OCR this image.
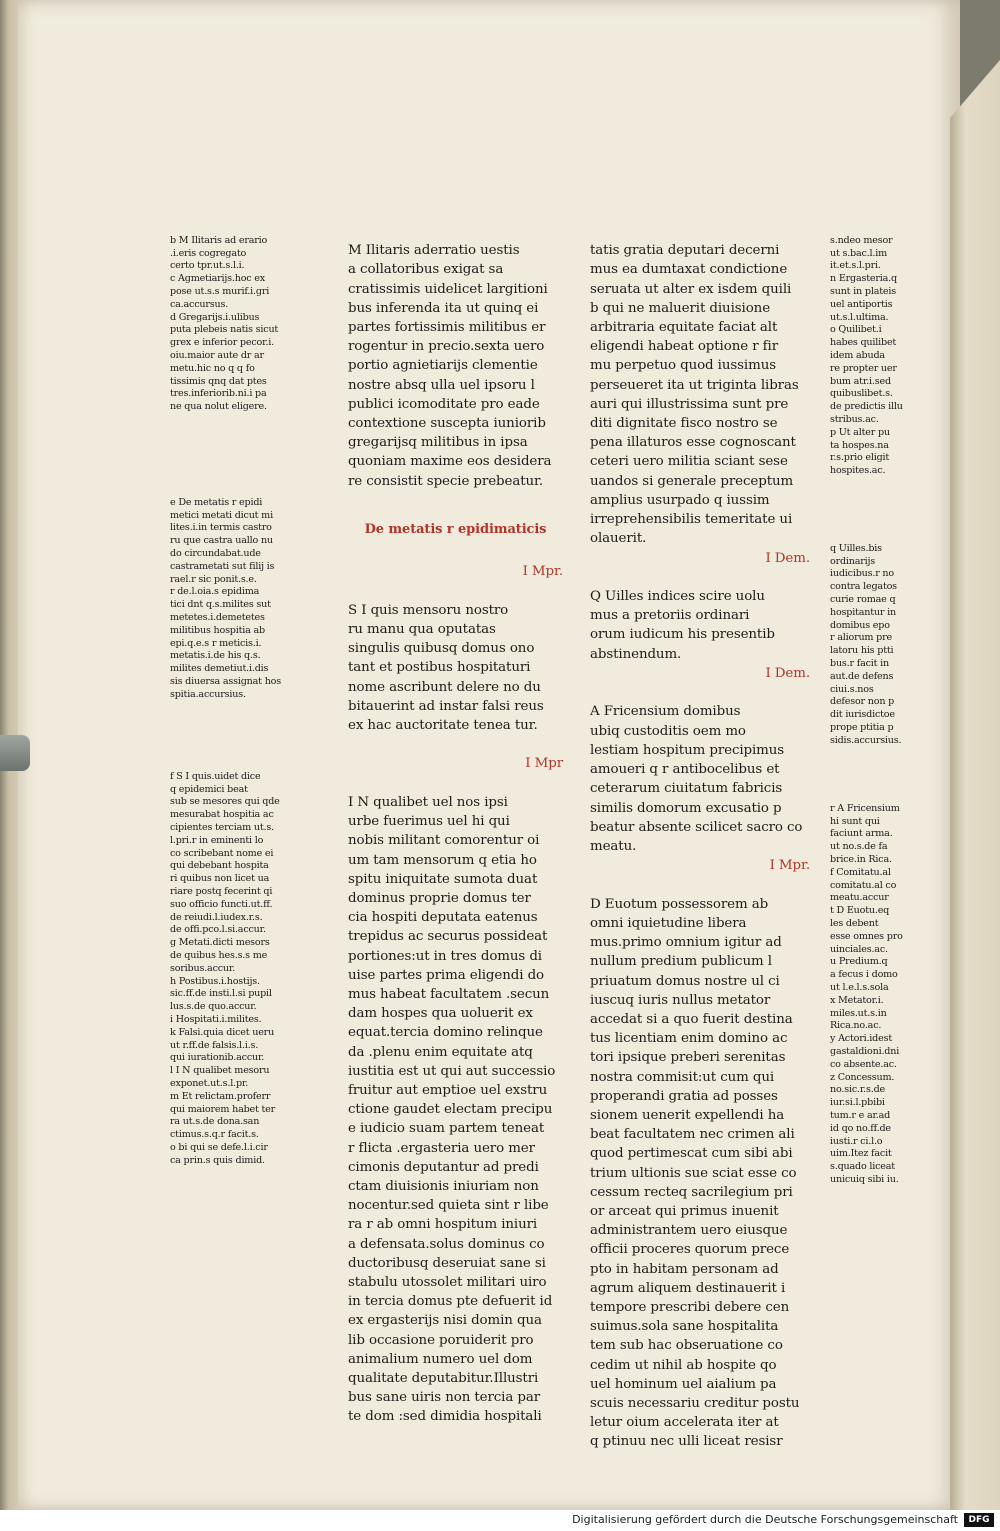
b M Ilitaris ad erario
.i.eris cogregato
certo tpr.ut.s.l.i.
c Agmetiarijs.hoc ex
pose ut.s.s murif.i.gri
ca.accursus.
d Gregarijs.i.ulibus
puta plebeis natis sicut
grex e inferior pecor.i.
oiu.maior aute dr ar
metu.hic no q q fo
tissimis qnq dat ptes
tres.inferiorib.ni.i pa
ne qua nolut eligere.

e De metatis r epidi
metici metati dicut mi
lites.i.in termis castro
ru que castra uallo nu
do circundabat.ude
castrametati sut filij is
rael.r sic ponit.s.e.
r de.l.oia.s epidima
tici dnt q.s.milites sut
metetes.i.demetetes
militibus hospitia ab
epi.q.e.s r meticis.i.
metatis.i.de his q.s.
milites demetiut.i.dis
sis diuersa assignat hos
spitia.accursius.

f S I quis.uidet dice
q epidemici beat
sub se mesores qui qde
mesurabat hospitia ac
cipientes terciam ut.s.
l.pri.r in eminenti lo
co scribebant nome ei
qui debebant hospita
ri quibus non licet ua
riare postq fecerint qi
suo officio functi.ut.ff.
de reiudi.l.iudex.r.s.
de offi.pco.l.si.accur.
g Metati.dicti mesors
de quibus hes.s.s me
soribus.accur.
h Postibus.i.hostijs.
sic.ff.de insti.l.si pupil
lus.s.de quo.accur.
i Hospitati.i.milites.
k Falsi.quia dicet ueru
ut r.ff.de falsis.l.i.s.
qui iurationib.accur.
l I N qualibet mesoru
exponet.ut.s.l.pr.
m Et relictam.proferr
qui maiorem habet ter
ra ut.s.de dona.san
ctimus.s.q.r facit.s.
o bi qui se defe.l.i.cir
ca prin.s quis dimid.

M Ilitaris aderratio uestis
a collatoribus exigat sa
cratissimis uidelicet largitioni
bus inferenda ita ut quinq ei
partes fortissimis militibus er
rogentur in precio.sexta uero
portio agnietiarijs clementie
nostre absq ulla uel ipsoru l
publici icomoditate pro eade
contextione suscepta iuniorib
gregarijsq militibus in ipsa
quoniam maxime eos desidera
re consistit specie prebeatur.

De metatis r epidimaticis

I Mpr.

S I quis mensoru nostro
ru manu qua oputatas
singulis quibusq domus ono
tant et postibus hospitaturi
nome ascribunt delere no du
bitauerint ad instar falsi reus
ex hac auctoritate tenea tur.

I Mpr

I N qualibet uel nos ipsi
urbe fuerimus uel hi qui
nobis militant comorentur oi
um tam mensorum q etia ho
spitu iniquitate sumota duat
dominus proprie domus ter
cia hospiti deputata eatenus
trepidus ac securus possideat
portiones:ut in tres domus di
uise partes prima eligendi do
mus habeat facultatem .secun
dam hospes qua uoluerit ex
equat.tercia domino relinque
da .plenu enim equitate atq
iustitia est ut qui aut successio
fruitur aut emptioe uel exstru
ctione gaudet electam precipu
e iudicio suam partem teneat
r flicta .ergasteria uero mer
cimonis deputantur ad predi
ctam diuisionis iniuriam non
nocentur.sed quieta sint r libe
ra r ab omni hospitum iniuri
a defensata.solus dominus co
ductoribusq deseruiat sane si
stabulu utossolet militari uiro
in tercia domus pte defuerit id
ex ergasterijs nisi domin qua
lib occasione poruiderit pro
animalium numero uel dom
qualitate deputabitur.Illustri
bus sane uiris non tercia par
te dom :sed dimidia hospitali

tatis gratia deputari decerni
mus ea dumtaxat condictione
seruata ut alter ex isdem quili
b qui ne maluerit diuisione
arbitraria equitate faciat alt
eligendi habeat optione r fir
mu perpetuo quod iussimus
perseueret ita ut triginta libras
auri qui illustrissima sunt pre
diti dignitate fisco nostro se
pena illaturos esse cognoscant
ceteri uero militia sciant sese
uandos si generale preceptum
amplius usurpado q iussim
irreprehensibilis temeritate ui
olauerit.

I Dem.

Q Uilles indices scire uolu
mus a pretoriis ordinari
orum iudicum his presentib
abstinendum.

I Dem.

A Fricensium domibus
ubiq custoditis oem mo
lestiam hospitum precipimus
amoueri q r antibocelibus et
ceterarum ciuitatum fabricis
similis domorum excusatio p
beatur absente scilicet sacro co
meatu.

I Mpr.

D Euotum possessorem ab
omni iquietudine libera
mus.primo omnium igitur ad
nullum predium publicum l
priuatum domus nostre ul ci
iuscuq iuris nullus metator
accedat si a quo fuerit destina
tus licentiam enim domino ac
tori ipsique preberi serenitas
nostra commisit:ut cum qui
properandi gratia ad posses
sionem uenerit expellendi ha
beat facultatem nec crimen ali
quod pertimescat cum sibi abi
trium ultionis sue sciat esse co
cessum recteq sacrilegium pri
or arceat qui primus inuenit
administrantem uero eiusque
officii proceres quorum prece
pto in habitam personam ad
agrum aliquem destinauerit i
tempore prescribi debere cen
suimus.sola sane hospitalita
tem sub hac obseruatione co
cedim ut nihil ab hospite qo
uel hominum uel aialium pa
scuis necessariu creditur postu
letur oium accelerata iter at
q ptinuu nec ulli liceat resisr

s.ndeo mesor
ut s.bac.l.im
it.et.s.l.pri.
n Ergasteria.q
sunt in plateis
uel antiportis
ut.s.l.ultima.
o Quilibet.i
habes quilibet
idem abuda
re propter uer
bum atr.i.sed
quibuslibet.s.
de predictis illu
stribus.ac.
p Ut alter pu
ta hospes.na
r.s.prio eligit
hospites.ac.

q Uilles.bis
ordinarijs
iudicibus.r no
contra legatos
curie romae q
hospitantur in
domibus epo
r aliorum pre
latoru his ptti
bus.r facit in
aut.de defens
ciui.s.nos
defesor non p
dit iurisdictoe
prope ptitia p
sidis.accursius.

r A Fricensium
hi sunt qui
faciunt arma.
ut no.s.de fa
brice.in Rica.
f Comitatu.al
comitatu.al co
meatu.accur
t D Euotu.eq
les debent
esse omnes pro
uinciales.ac.
u Predium.q
a fecus i domo
ut l.e.l.s.sola
x Metator.i.
miles.ut.s.in
Rica.no.ac.
y Actori.idest
gastaldioni.dni
co absente.ac.
z Concessum.
no.sic.r.s.de
iur.si.l.pbibi
tum.r e ar.ad
id qo no.ff.de
iusti.r ci.l.o
uim.Itez facit
s.quado liceat
unicuiq sibi iu.

Digitalisierung gefördert durch die Deutsche Forschungsgemeinschaft	DFG
